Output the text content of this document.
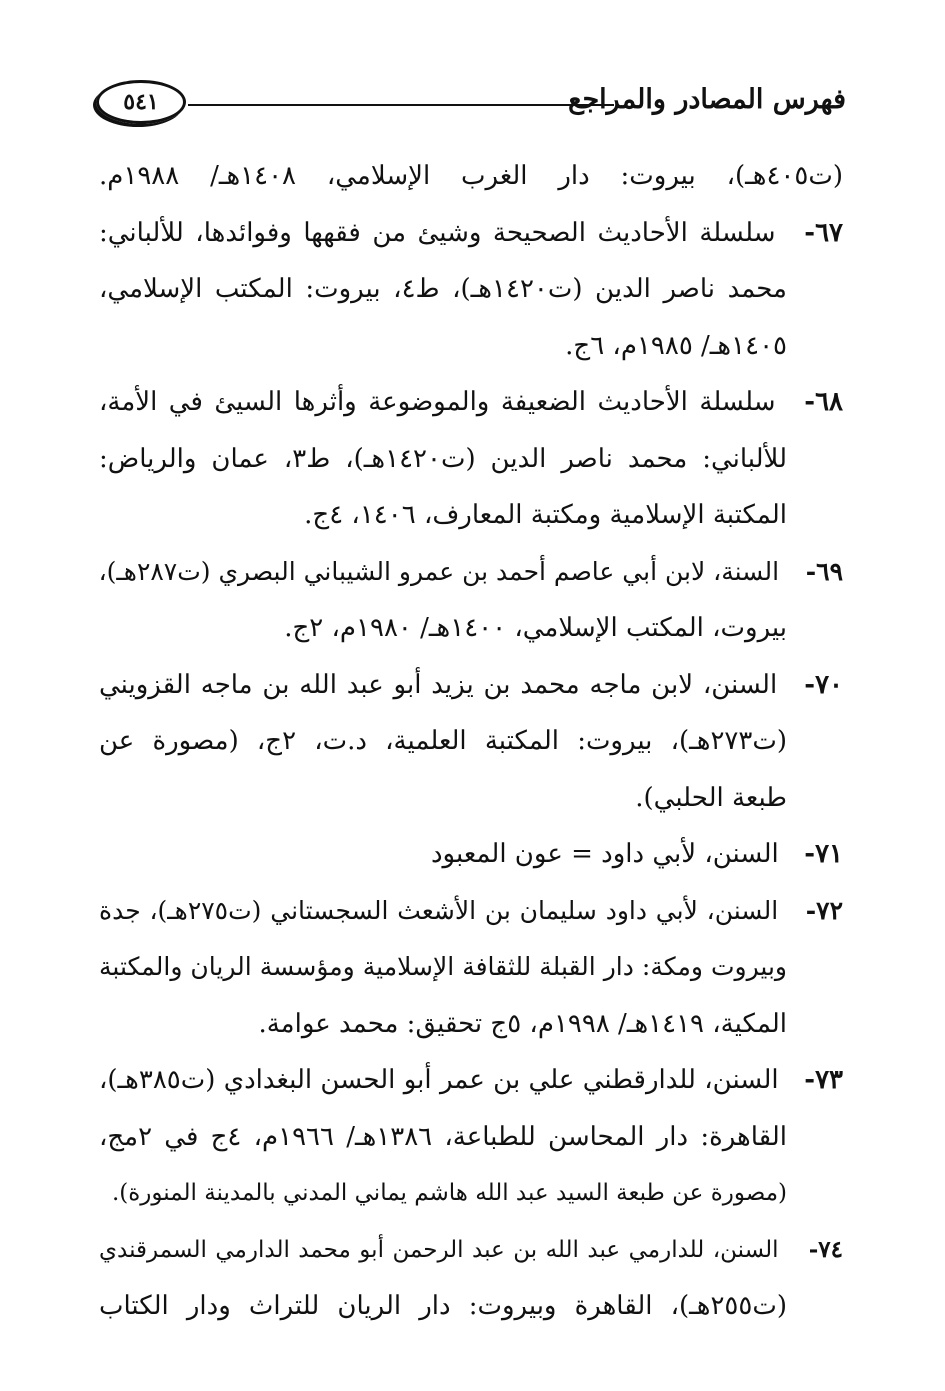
فهرس المصادر والمراجع
٥٤١
(ت٤٠٥هـ)، بيروت: دار الغرب الإسلامي، ١٤٠٨هـ/ ١٩٨٨م.
٦٧- سلسلة الأحاديث الصحيحة وشيئ من فقهها وفوائدها، للألباني:
محمد ناصر الدين (ت١٤٢٠هـ)، ط٤، بيروت: المكتب الإسلامي،
١٤٠٥هـ/ ١٩٨٥م، ٦ج.
٦٨- سلسلة الأحاديث الضعيفة والموضوعة وأثرها السيئ في الأمة،
للألباني: محمد ناصر الدين (ت١٤٢٠هـ)، ط٣، عمان والرياض:
المكتبة الإسلامية ومكتبة المعارف، ١٤٠٦، ٤ج.
٦٩- السنة، لابن أبي عاصم أحمد بن عمرو الشيباني البصري (ت٢٨٧هـ)،
بيروت، المكتب الإسلامي، ١٤٠٠هـ/ ١٩٨٠م، ٢ج.
٧٠- السنن، لابن ماجه محمد بن يزيد أبو عبد الله بن ماجه القزويني
(ت٢٧٣هـ)، بيروت: المكتبة العلمية، د.ت، ٢ج، (مصورة عن
طبعة الحلبي).
٧١- السنن، لأبي داود = عون المعبود
٧٢- السنن، لأبي داود سليمان بن الأشعث السجستاني (ت٢٧٥هـ)، جدة
وبيروت ومكة: دار القبلة للثقافة الإسلامية ومؤسسة الريان والمكتبة
المكية، ١٤١٩هـ/ ١٩٩٨م، ٥ج تحقيق: محمد عوامة.
٧٣- السنن، للدارقطني علي بن عمر أبو الحسن البغدادي (ت٣٨٥هـ)،
القاهرة: دار المحاسن للطباعة، ١٣٨٦هـ/ ١٩٦٦م، ٤ج في ٢مج،
(مصورة عن طبعة السيد عبد الله هاشم يماني المدني بالمدينة المنورة).
٧٤- السنن، للدارمي عبد الله بن عبد الرحمن أبو محمد الدارمي السمرقندي
(ت٢٥٥هـ)، القاهرة وبيروت: دار الريان للتراث ودار الكتاب
